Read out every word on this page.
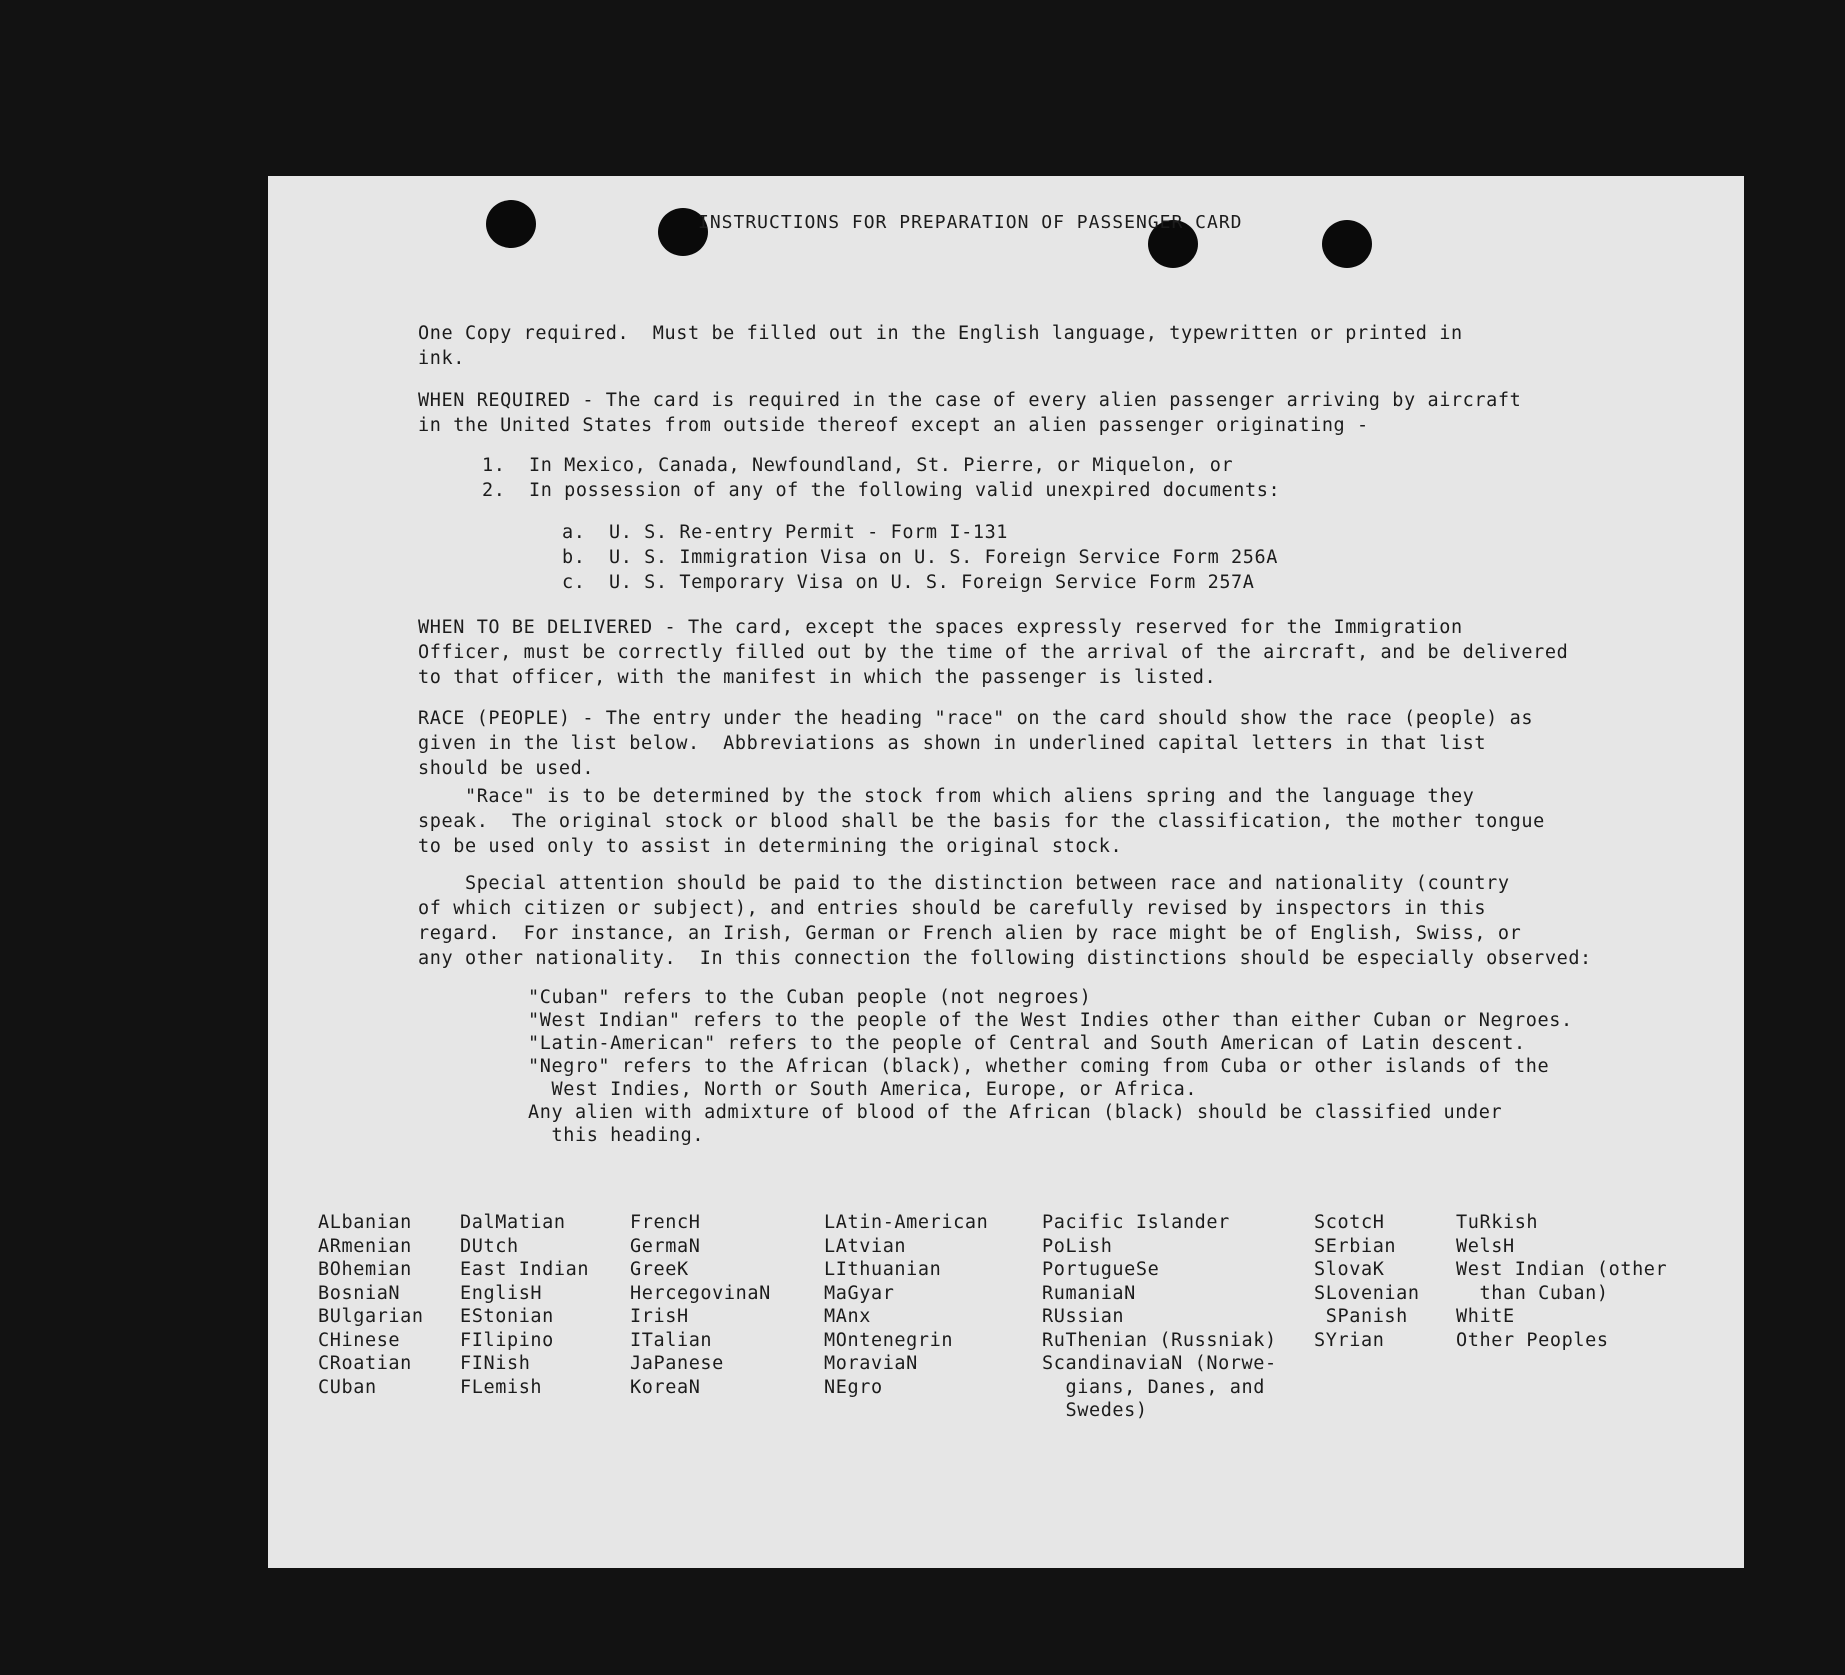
INSTRUCTIONS FOR PREPARATION OF PASSENGER CARD

One Copy required.  Must be filled out in the English language, typewritten or printed in
ink.

WHEN REQUIRED - The card is required in the case of every alien passenger arriving by aircraft
in the United States from outside thereof except an alien passenger originating -

1.  In Mexico, Canada, Newfoundland, St. Pierre, or Miquelon, or
2.  In possession of any of the following valid unexpired documents:

a.  U. S. Re-entry Permit - Form I-131
b.  U. S. Immigration Visa on U. S. Foreign Service Form 256A
c.  U. S. Temporary Visa on U. S. Foreign Service Form 257A

WHEN TO BE DELIVERED - The card, except the spaces expressly reserved for the Immigration
Officer, must be correctly filled out by the time of the arrival of the aircraft, and be delivered
to that officer, with the manifest in which the passenger is listed.

RACE (PEOPLE) - The entry under the heading "race" on the card should show the race (people) as
given in the list below.  Abbreviations as shown in underlined capital letters in that list
should be used.

"Race" is to be determined by the stock from which aliens spring and the language they
speak.  The original stock or blood shall be the basis for the classification, the mother tongue
to be used only to assist in determining the original stock.

Special attention should be paid to the distinction between race and nationality (country
of which citizen or subject), and entries should be carefully revised by inspectors in this
regard.  For instance, an Irish, German or French alien by race might be of English, Swiss, or
any other nationality.  In this connection the following distinctions should be especially observed:

"Cuban" refers to the Cuban people (not negroes)
"West Indian" refers to the people of the West Indies other than either Cuban or Negroes.
"Latin-American" refers to the people of Central and South American of Latin descent.
"Negro" refers to the African (black), whether coming from Cuba or other islands of the
West Indies, North or South America, Europe, or Africa.
Any alien with admixture of blood of the African (black) should be classified under
this heading.

ALbanian
ARmenian
BOhemian
BosniaN
BUlgarian
CHinese
CRoatian
CUban

DalMatian
DUtch
East Indian
EnglisH
EStonian
FIlipino
FINish
FLemish

FrencH
GermaN
GreeK
HercegovinaN
IrisH
ITalian
JaPanese
KoreaN

LAtin-American
LAtvian
LIthuanian
MaGyar
MAnx
MOntenegrin
MoraviaN
NEgro

Pacific Islander
PoLish
PortugueSe
RumaniaN
RUssian
RuThenian (Russniak)
ScandinaviaN (Norwe-
gians, Danes, and
Swedes)

ScotcH
SErbian
SlovaK
SLovenian
SPanish
SYrian

TuRkish
WelsH
West Indian (other
than Cuban)
WhitE
Other Peoples
